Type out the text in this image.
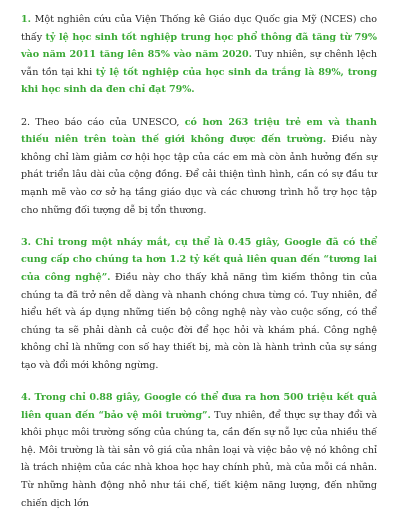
1. Một nghiên cứu của Viện Thống kê Giáo dục Quốc gia Mỹ (NCES) cho thấy tỷ lệ học sinh tốt nghiệp trung học phổ thông đã tăng từ 79% vào năm 2011 tăng lên 85% vào năm 2020. Tuy nhiên, sự chênh lệch vẫn tồn tại khi tỷ lệ tốt nghiệp của học sinh da trắng là 89%, trong khi học sinh da đen chỉ đạt 79%.

2. Theo báo cáo của UNESCO, có hơn 263 triệu trẻ em và thanh thiếu niên trên toàn thế giới không được đến trường. Điều này không chỉ làm giảm cơ hội học tập của các em mà còn ảnh hưởng đến sự phát triển lâu dài của cộng đồng. Để cải thiện tình hình, cần có sự đầu tư mạnh mẽ vào cơ sở hạ tầng giáo dục và các chương trình hỗ trợ học tập cho những đối tượng dễ bị tổn thương.

3. Chỉ trong một nháy mắt, cụ thể là 0.45 giây, Google đã có thể cung cấp cho chúng ta hơn 1.2 tỷ kết quả liên quan đến “tương lai của công nghệ”. Điều này cho thấy khả năng tìm kiếm thông tin của chúng ta đã trở nên dễ dàng và nhanh chóng chưa từng có. Tuy nhiên, để hiểu hết và áp dụng những tiến bộ công nghệ này vào cuộc sống, có thể chúng ta sẽ phải dành cả cuộc đời để học hỏi và khám phá. Công nghệ không chỉ là những con số hay thiết bị, mà còn là hành trình của sự sáng tạo và đổi mới không ngừng.

4. Trong chỉ 0.88 giây, Google có thể đưa ra hơn 500 triệu kết quả liên quan đến “bảo vệ môi trường”. Tuy nhiên, để thực sự thay đổi và khôi phục môi trường sống của chúng ta, cần đến sự nỗ lực của nhiều thế hệ. Môi trường là tài sản vô giá của nhân loại và việc bảo vệ nó không chỉ là trách nhiệm của các nhà khoa học hay chính phủ, mà của mỗi cá nhân. Từ những hành động nhỏ như tái chế, tiết kiệm năng lượng, đến những chiến dịch lớn
